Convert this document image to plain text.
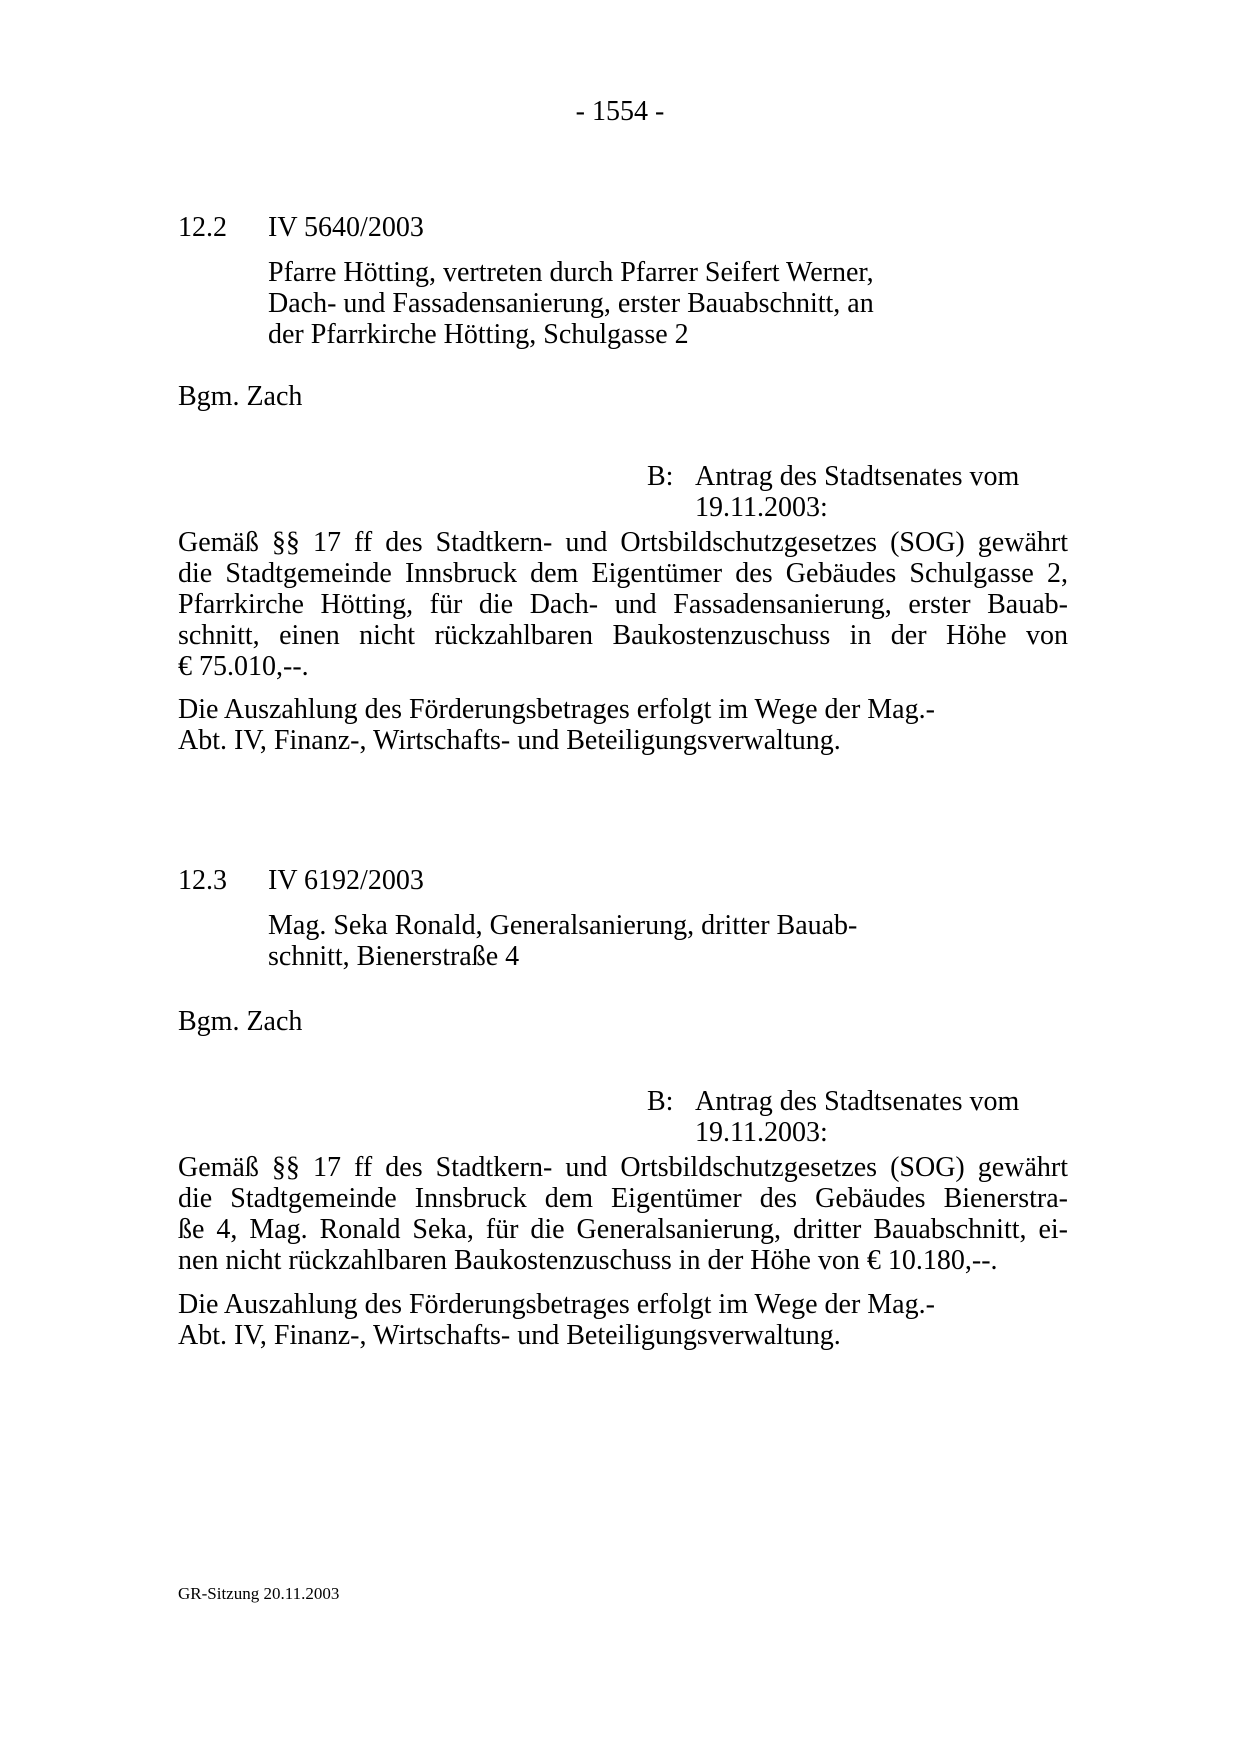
- 1554 -
12.2 IV 5640/2003
Pfarre Hötting, vertreten durch Pfarrer Seifert Werner,
Dach- und Fassadensanierung, erster Bauabschnitt, an
der Pfarrkirche Hötting, Schulgasse 2
Bgm. Zach
B: Antrag des Stadtsenates vom
19.11.2003:
Gemäß §§ 17 ff des Stadtkern- und Ortsbildschutzgesetzes (SOG) gewährt
die Stadtgemeinde Innsbruck dem Eigentümer des Gebäudes Schulgasse 2,
Pfarrkirche Hötting, für die Dach- und Fassadensanierung, erster Bauab-
schnitt, einen nicht rückzahlbaren Baukostenzuschuss in der Höhe von
€ 75.010,--.
Die Auszahlung des Förderungsbetrages erfolgt im Wege der Mag.-
Abt. IV, Finanz-, Wirtschafts- und Beteiligungsverwaltung.
12.3 IV 6192/2003
Mag. Seka Ronald, Generalsanierung, dritter Bauab-
schnitt, Bienerstraße 4
Bgm. Zach
B: Antrag des Stadtsenates vom
19.11.2003:
Gemäß §§ 17 ff des Stadtkern- und Ortsbildschutzgesetzes (SOG) gewährt
die Stadtgemeinde Innsbruck dem Eigentümer des Gebäudes Bienerstra-
ße 4, Mag. Ronald Seka, für die Generalsanierung, dritter Bauabschnitt, ei-
nen nicht rückzahlbaren Baukostenzuschuss in der Höhe von € 10.180,--.
Die Auszahlung des Förderungsbetrages erfolgt im Wege der Mag.-
Abt. IV, Finanz-, Wirtschafts- und Beteiligungsverwaltung.
GR-Sitzung 20.11.2003
